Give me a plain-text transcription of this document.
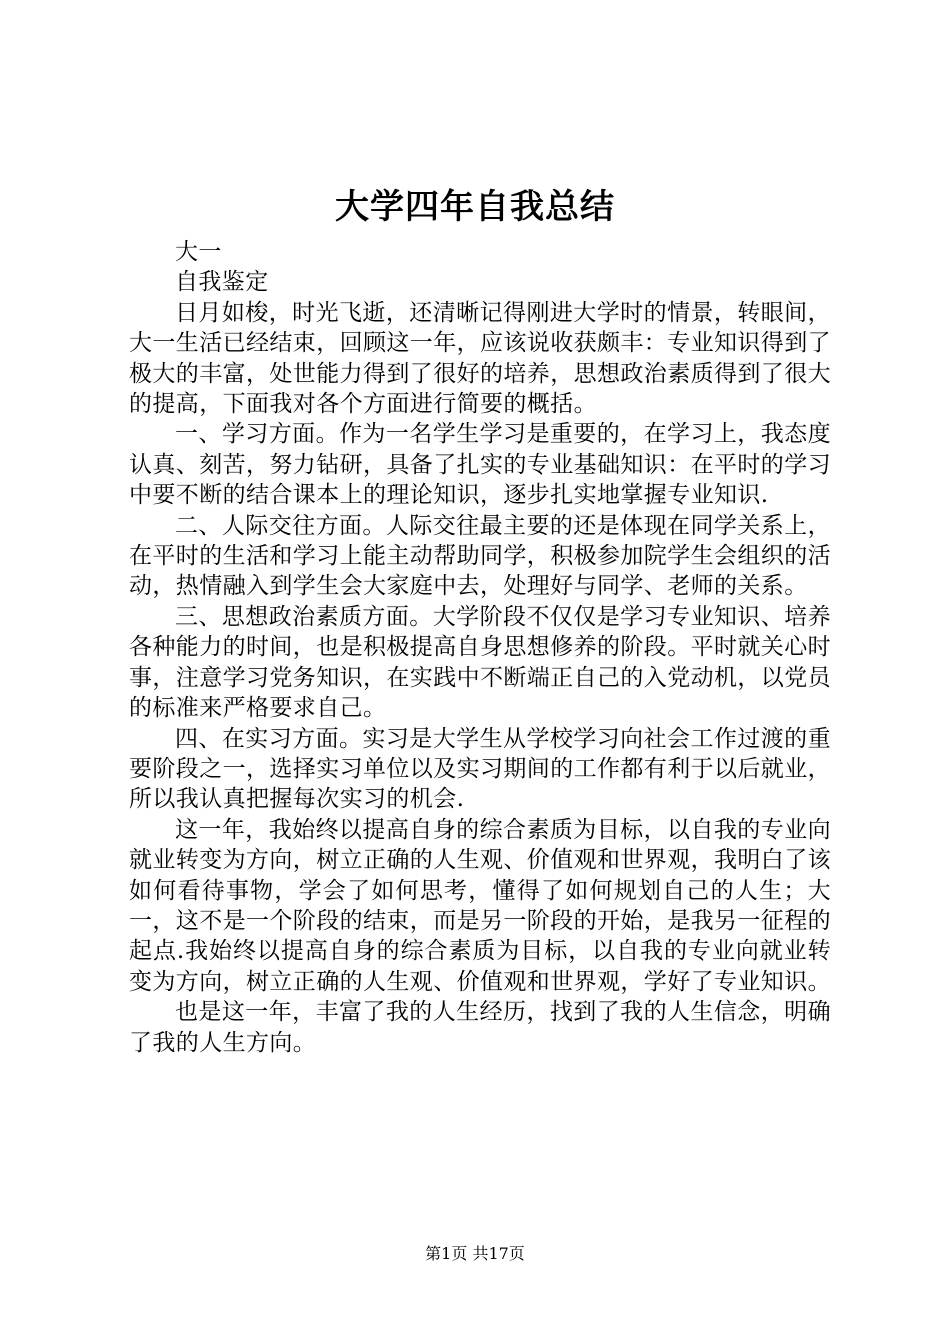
大学四年自我总结

大一

自我鉴定

日月如梭，时光飞逝，还清晰记得刚进大学时的情景，转眼间，大一生活已经结束，回顾这一年，应该说收获颇丰：专业知识得到了极大的丰富，处世能力得到了很好的培养，思想政治素质得到了很大的提高，下面我对各个方面进行简要的概括。

一、学习方面。作为一名学生学习是重要的，在学习上，我态度认真、刻苦，努力钻研，具备了扎实的专业基础知识：在平时的学习中要不断的结合课本上的理论知识，逐步扎实地掌握专业知识.

二、人际交往方面。人际交往最主要的还是体现在同学关系上，在平时的生活和学习上能主动帮助同学，积极参加院学生会组织的活动，热情融入到学生会大家庭中去，处理好与同学、老师的关系。

三、思想政治素质方面。大学阶段不仅仅是学习专业知识、培养各种能力的时间，也是积极提高自身思想修养的阶段。平时就关心时事，注意学习党务知识，在实践中不断端正自己的入党动机，以党员的标准来严格要求自己。

四、在实习方面。实习是大学生从学校学习向社会工作过渡的重要阶段之一，选择实习单位以及实习期间的工作都有利于以后就业，所以我认真把握每次实习的机会.

这一年，我始终以提高自身的综合素质为目标，以自我的专业向就业转变为方向，树立正确的人生观、价值观和世界观，我明白了该如何看待事物，学会了如何思考，懂得了如何规划自己的人生；大一，这不是一个阶段的结束，而是另一阶段的开始，是我另一征程的起点.我始终以提高自身的综合素质为目标，以自我的专业向就业转变为方向，树立正确的人生观、价值观和世界观，学好了专业知识。

也是这一年，丰富了我的人生经历，找到了我的人生信念，明确了我的人生方向。

第1页 共17页
